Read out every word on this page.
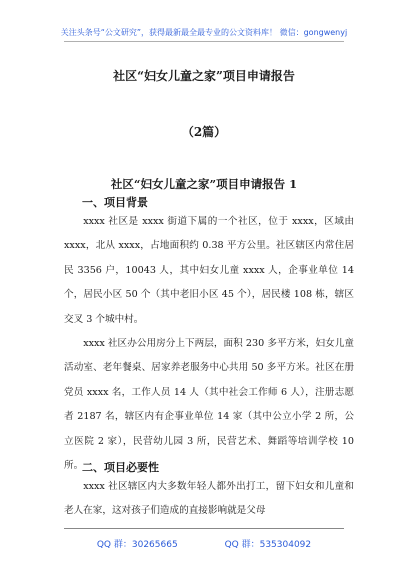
关注头条号“公文研究”，获得最新最全最专业的公文资料库！ 微信：gongwenyj
社区“妇女儿童之家”项目申请报告
（2篇）
社区“妇女儿童之家”项目申请报告 1
一、项目背景

xxxx 社区是 xxxx 街道下属的一个社区，位于 xxxx，区域由 xxxx，北从 xxxx，占地面积约 0.38 平方公里。社区辖区内常住居民 3356 户，10043 人，其中妇女儿童 xxxx 人，企事业单位 14 个，居民小区 50 个（其中老旧小区 45 个），居民楼 108 栋，辖区交叉 3 个城中村。

xxxx 社区办公用房分上下两层，面积 230 多平方米，妇女儿童活动室、老年餐桌、居家养老服务中心共用 50 多平方米。社区在册党员 xxxx 名，工作人员 14 人（其中社会工作师 6 人），注册志愿者 2187 名，辖区内有企事业单位 14 家（其中公立小学 2 所，公立医院 2 家），民营幼儿园 3 所，民营艺术、舞蹈等培训学校 10 所。

二、项目必要性

xxxx 社区辖区内大多数年轻人都外出打工，留下妇女和儿童和老人在家，这对孩子们造成的直接影响就是父母

QQ 群：30265665	QQ 群：535304092
